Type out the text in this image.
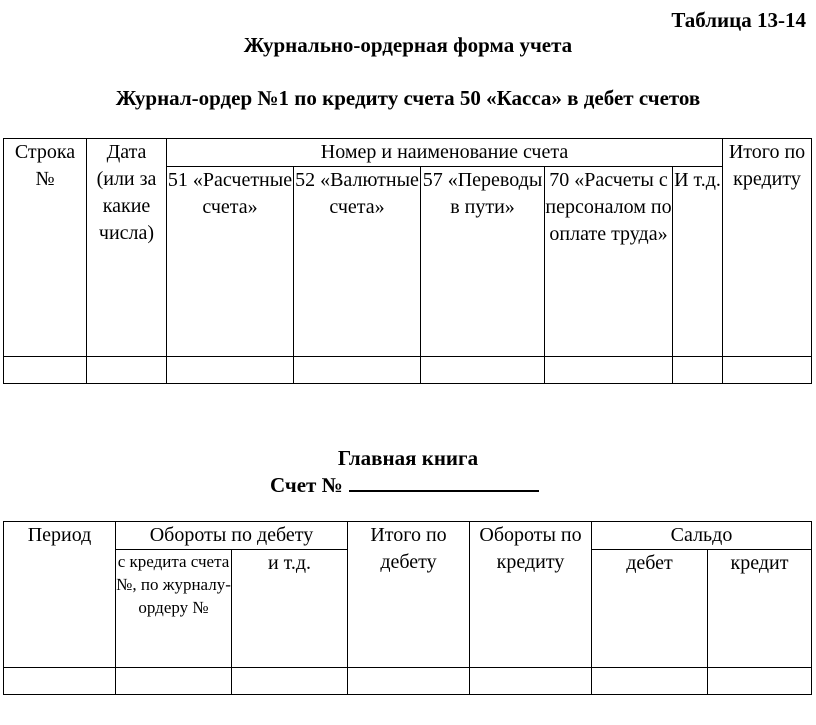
Таблица 13-14
Журнально-ордерная форма учета
Журнал-ордер №1 по кредиту счета 50 «Касса» в дебет счетов
Строка №	Дата (или за какие числа)	Номер и наименование счета					Итого по кредиту
		51 «Расчетные счета»	52 «Валютные счета»	57 «Переводы в пути»	70 «Расчеты с персоналом по оплате труда»	И т.д.	

Главная книга
Счет №
Период	Обороты по дебету		Итого по дебету	Обороты по кредиту	Сальдо	
	с кредита счета №, по журналу-ордеру №	и т.д.			дебет	кредит
